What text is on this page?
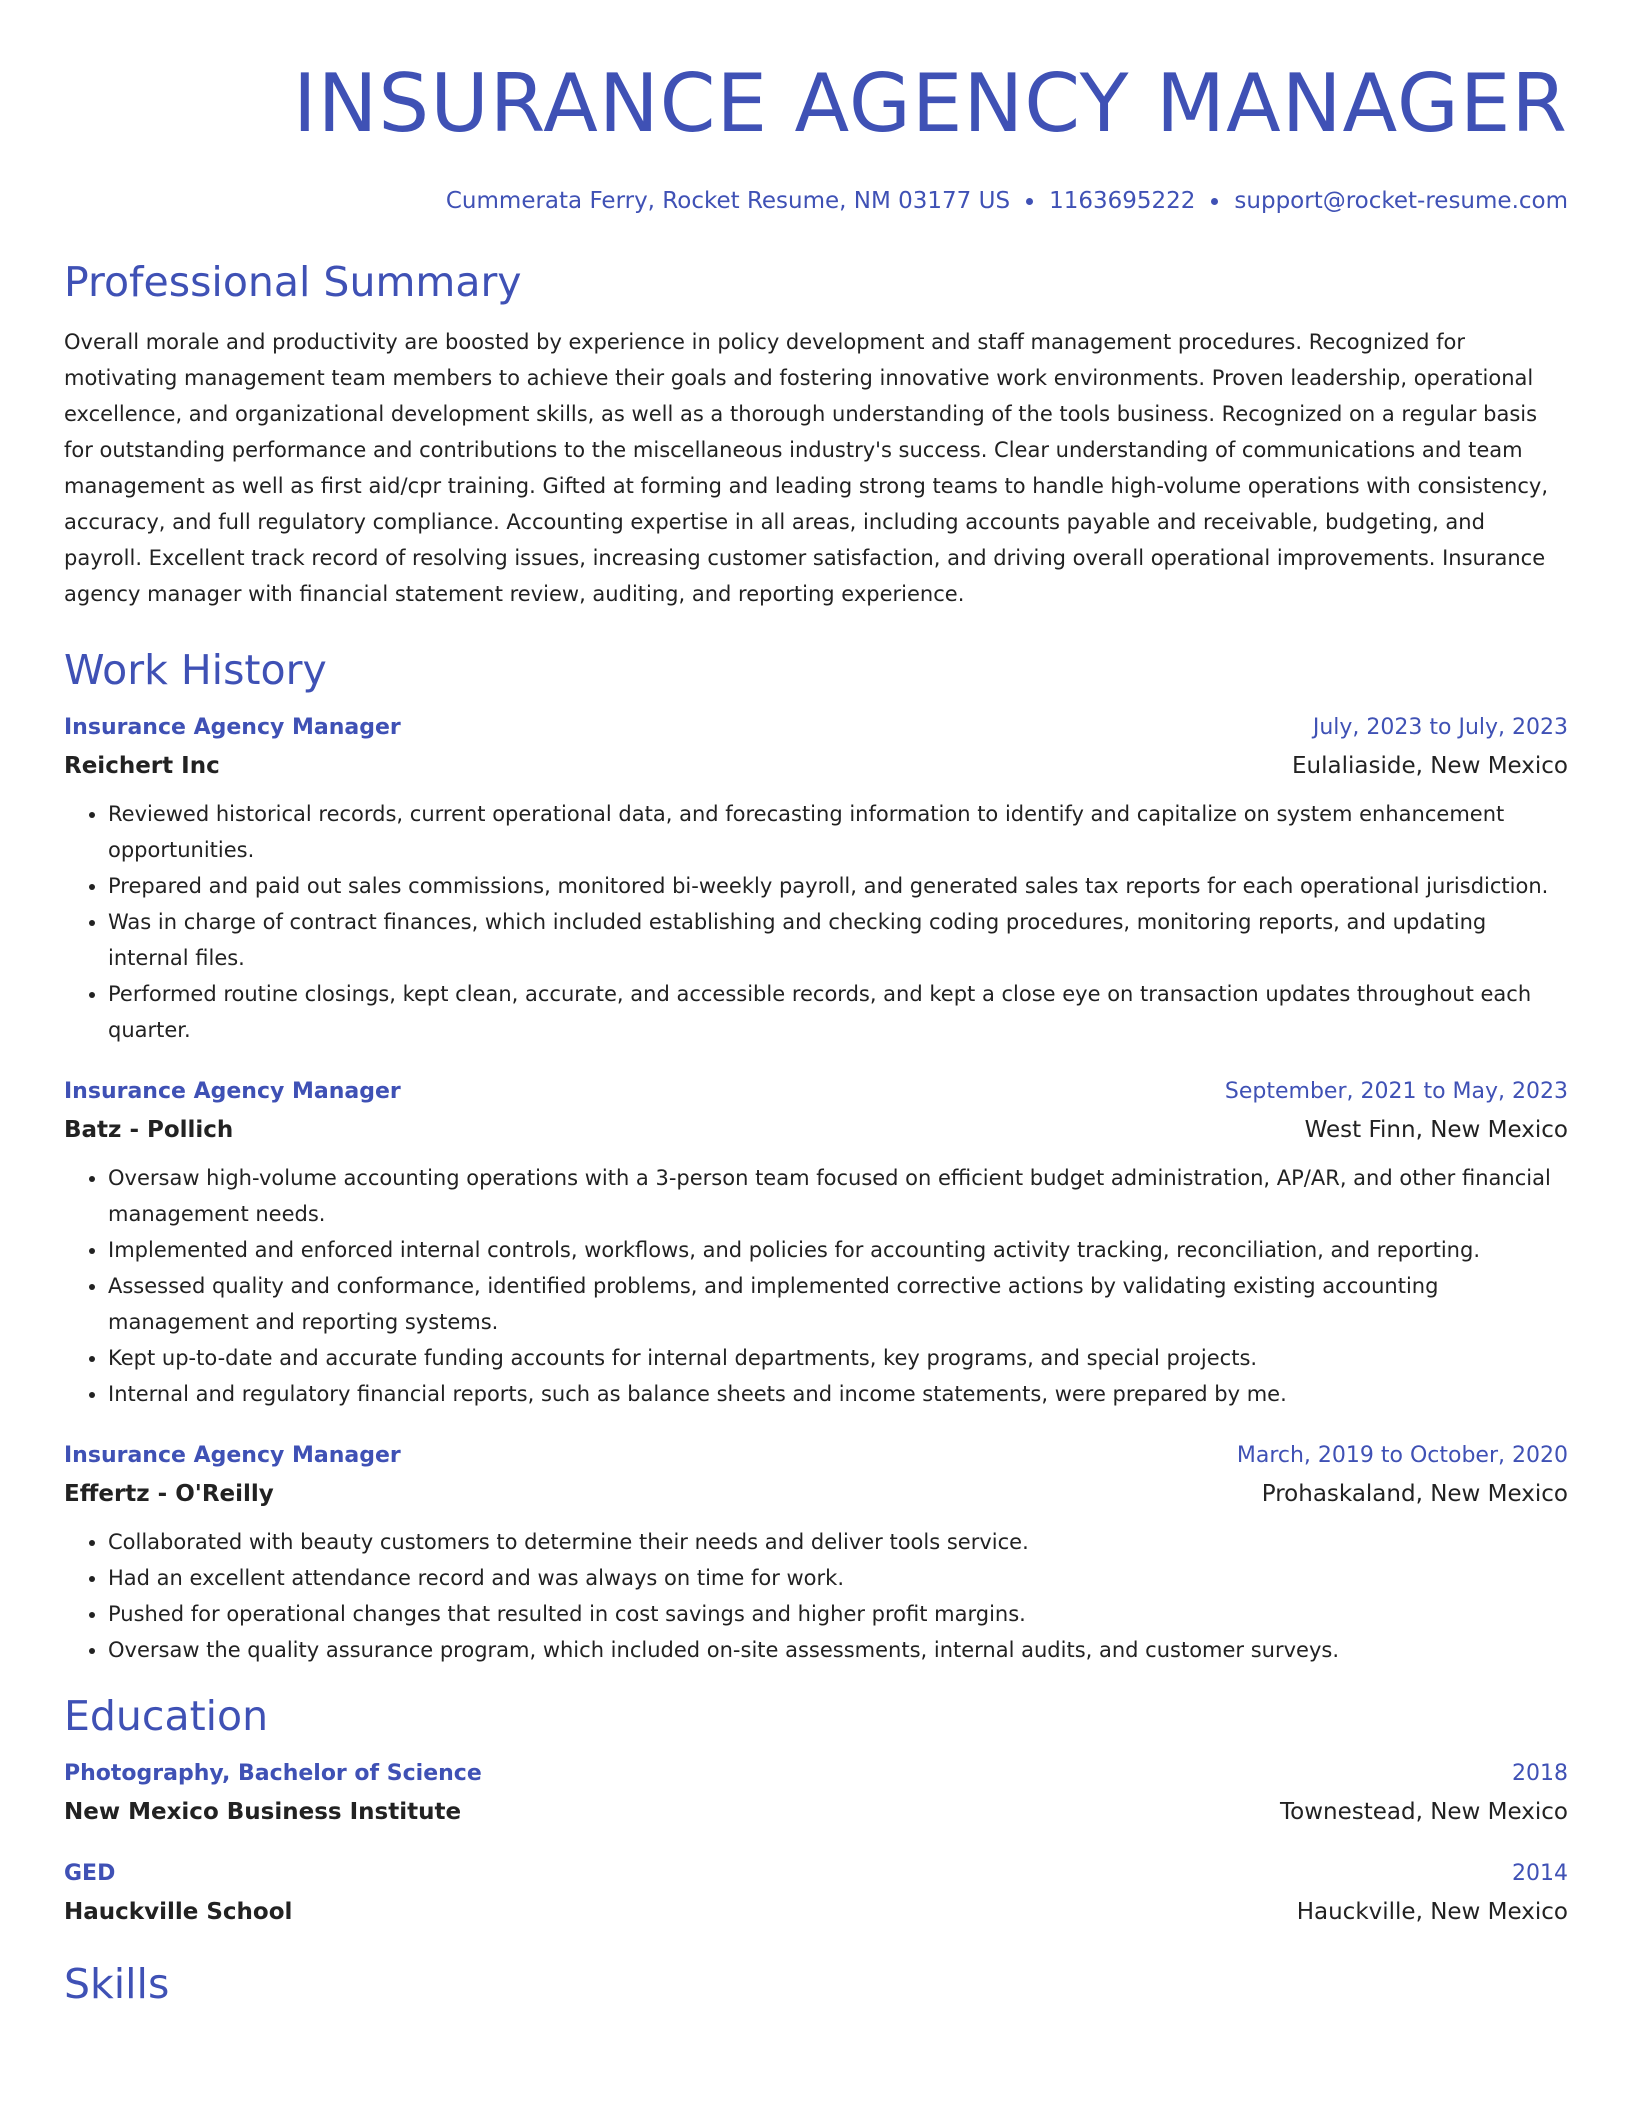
INSURANCE AGENCY MANAGER
Cummerata Ferry, Rocket Resume, NM 03177 US 1163695222 support@rocket-resume.com
Professional Summary
Overall morale and productivity are boosted by experience in policy development and staff management procedures. Recognized for motivating management team members to achieve their goals and fostering innovative work environments. Proven leadership, operational excellence, and organizational development skills, as well as a thorough understanding of the tools business. Recognized on a regular basis for outstanding performance and contributions to the miscellaneous industry's success. Clear understanding of communications and team management as well as first aid/cpr training. Gifted at forming and leading strong teams to handle high-volume operations with consistency, accuracy, and full regulatory compliance. Accounting expertise in all areas, including accounts payable and receivable, budgeting, and payroll. Excellent track record of resolving issues, increasing customer satisfaction, and driving overall operational improvements. Insurance agency manager with financial statement review, auditing, and reporting experience.
Work History
Insurance Agency Manager	July, 2023 to July, 2023
Reichert Inc	Eulaliaside, New Mexico
• Reviewed historical records, current operational data, and forecasting information to identify and capitalize on system enhancement opportunities.
• Prepared and paid out sales commissions, monitored bi-weekly payroll, and generated sales tax reports for each operational jurisdiction.
• Was in charge of contract finances, which included establishing and checking coding procedures, monitoring reports, and updating internal files.
• Performed routine closings, kept clean, accurate, and accessible records, and kept a close eye on transaction updates throughout each quarter.
Insurance Agency Manager	September, 2021 to May, 2023
Batz - Pollich	West Finn, New Mexico
• Oversaw high-volume accounting operations with a 3-person team focused on efficient budget administration, AP/AR, and other financial management needs.
• Implemented and enforced internal controls, workflows, and policies for accounting activity tracking, reconciliation, and reporting.
• Assessed quality and conformance, identified problems, and implemented corrective actions by validating existing accounting management and reporting systems.
• Kept up-to-date and accurate funding accounts for internal departments, key programs, and special projects.
• Internal and regulatory financial reports, such as balance sheets and income statements, were prepared by me.
Insurance Agency Manager	March, 2019 to October, 2020
Effertz - O'Reilly	Prohaskaland, New Mexico
• Collaborated with beauty customers to determine their needs and deliver tools service.
• Had an excellent attendance record and was always on time for work.
• Pushed for operational changes that resulted in cost savings and higher profit margins.
• Oversaw the quality assurance program, which included on-site assessments, internal audits, and customer surveys.
Education
Photography, Bachelor of Science	2018
New Mexico Business Institute	Townestead, New Mexico
GED	2014
Hauckville School	Hauckville, New Mexico
Skills
